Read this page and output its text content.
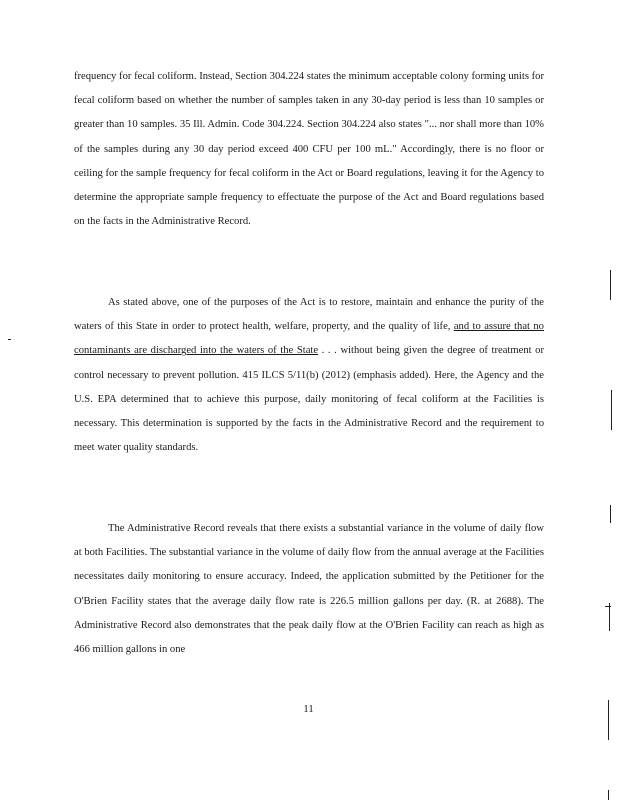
frequency for fecal coliform. Instead, Section 304.224 states the minimum acceptable colony forming units for fecal coliform based on whether the number of samples taken in any 30-day period is less than 10 samples or greater than 10 samples. 35 Ill. Admin. Code 304.224. Section 304.224 also states "... nor shall more than 10% of the samples during any 30 day period exceed 400 CFU per 100 mL." Accordingly, there is no floor or ceiling for the sample frequency for fecal coliform in the Act or Board regulations, leaving it for the Agency to determine the appropriate sample frequency to effectuate the purpose of the Act and Board regulations based on the facts in the Administrative Record.

As stated above, one of the purposes of the Act is to restore, maintain and enhance the purity of the waters of this State in order to protect health, welfare, property, and the quality of life, and to assure that no contaminants are discharged into the waters of the State . . . without being given the degree of treatment or control necessary to prevent pollution. 415 ILCS 5/11(b) (2012) (emphasis added). Here, the Agency and the U.S. EPA determined that to achieve this purpose, daily monitoring of fecal coliform at the Facilities is necessary. This determination is supported by the facts in the Administrative Record and the requirement to meet water quality standards.

The Administrative Record reveals that there exists a substantial variance in the volume of daily flow at both Facilities. The substantial variance in the volume of daily flow from the annual average at the Facilities necessitates daily monitoring to ensure accuracy. Indeed, the application submitted by the Petitioner for the O'Brien Facility states that the average daily flow rate is 226.5 million gallons per day. (R. at 2688). The Administrative Record also demonstrates that the peak daily flow at the O'Brien Facility can reach as high as 466 million gallons in one

11
